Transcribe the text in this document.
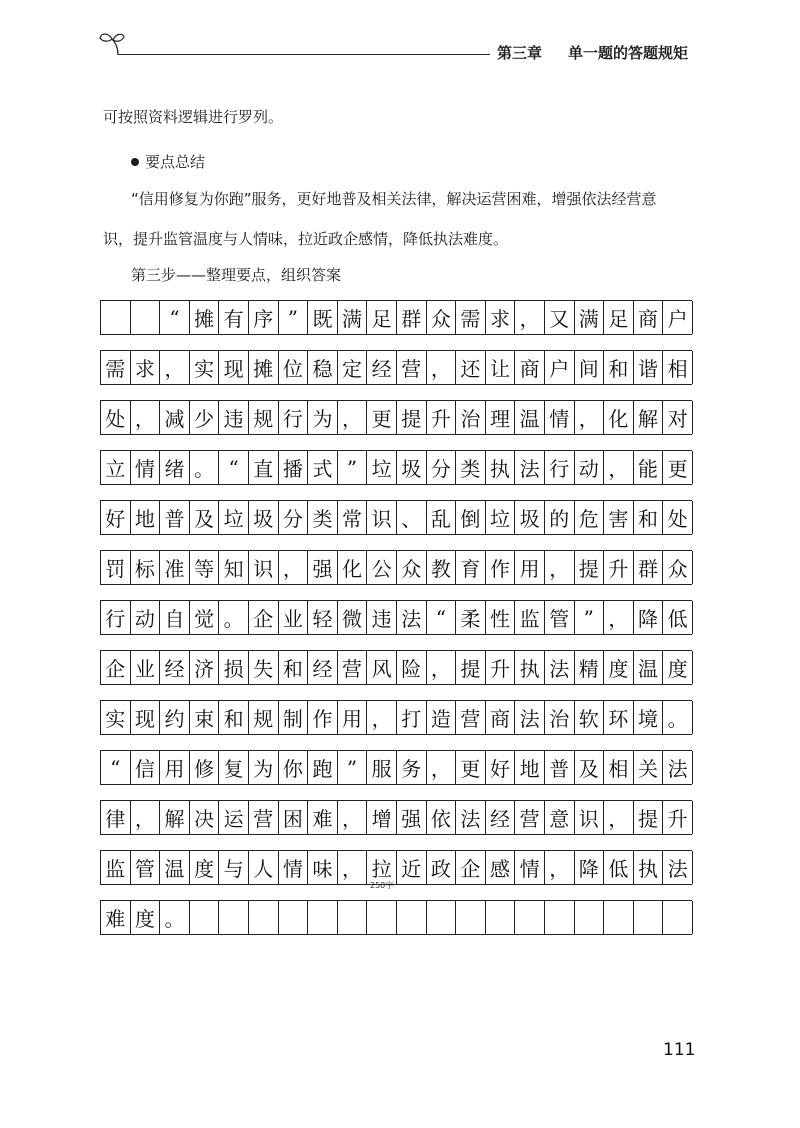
第三章 单一题的答题规矩
可按照资料逻辑进行罗列。
要点总结
“信用修复为你跑”服务，更好地普及相关法律，解决运营困难，增强依法经营意
识，提升监管温度与人情味，拉近政企感情，降低执法难度。
第三步——整理要点，组织答案
“ 摊 有 序 ” 既 满 足 群 众 需 求 ， 又 满 足 商 户
需 求 ， 实 现 摊 位 稳 定 经 营 ， 还 让 商 户 间 和 谐 相
处 ， 减 少 违 规 行 为 ， 更 提 升 治 理 温 情 ， 化 解 对
立 情 绪 。 “ 直 播 式 ” 垃 圾 分 类 执 法 行 动 ， 能 更
好 地 普 及 垃 圾 分 类 常 识 、 乱 倒 垃 圾 的 危 害 和 处
罚 标 准 等 知 识 ， 强 化 公 众 教 育 作 用 ， 提 升 群 众
行 动 自 觉 。 企 业 轻 微 违 法 “ 柔 性 监 管 ” ， 降 低
企 业 经 济 损 失 和 经 营 风 险 ， 提 升 执 法 精 度 温 度
实 现 约 束 和 规 制 作 用 ， 打 造 营 商 法 治 软 环 境 。
“ 信 用 修 复 为 你 跑 ” 服 务 ， 更 好 地 普 及 相 关 法
律 ， 解 决 运 营 困 难 ， 增 强 依 法 经 营 意 识 ， 提 升
监 管 温 度 与 人 情 味 ， 拉 近 政 企 感 情 ， 降 低 执 法
难 度 。
250字
111
